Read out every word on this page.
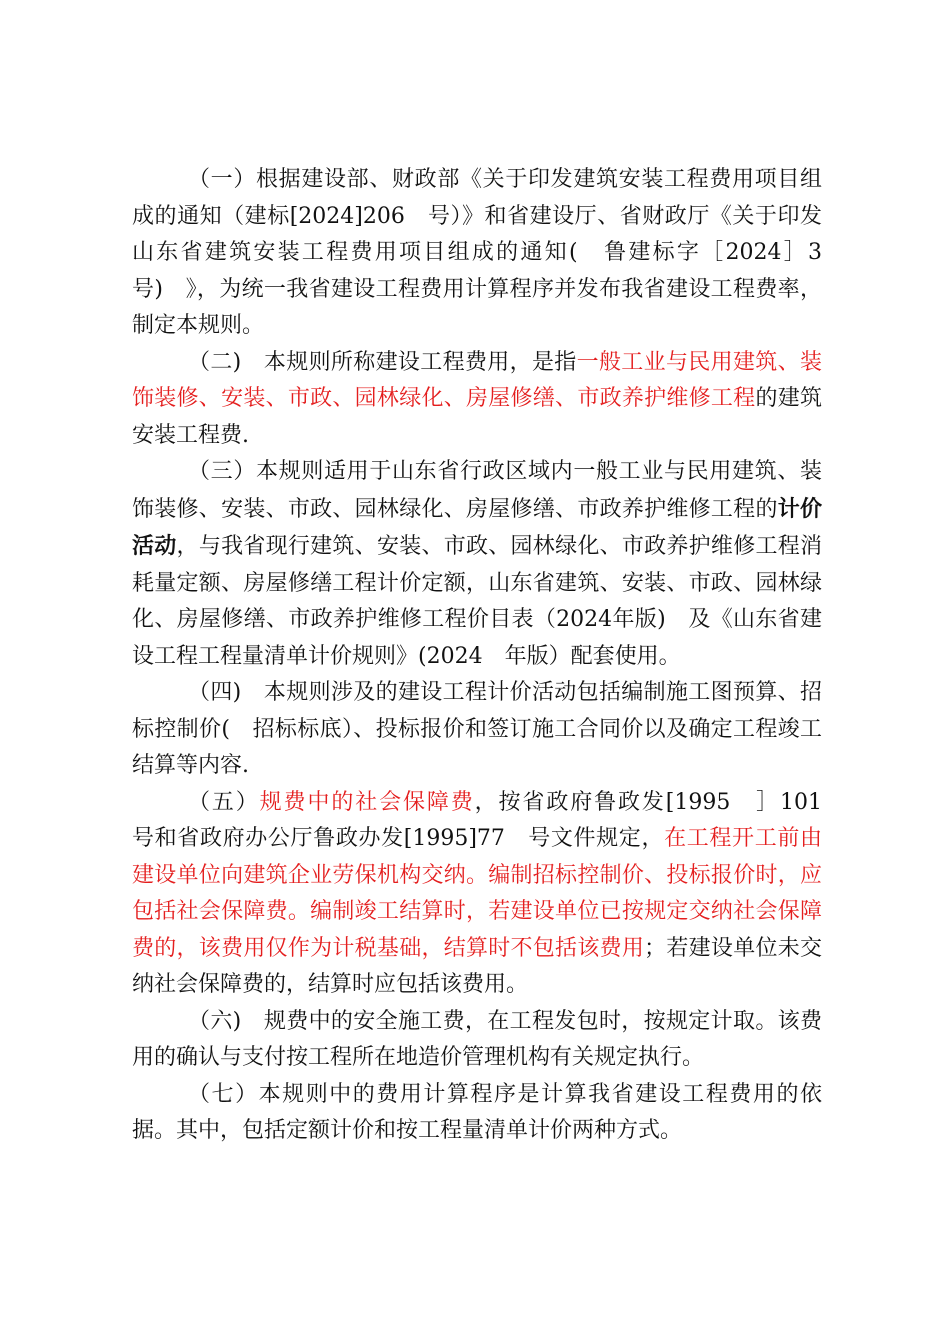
（一）根据建设部、财政部《关于印发建筑安装工程费用项目组成的通知（建标[2024]206　号）》和省建设厅、省财政厅《关于印发山东省建筑安装工程费用项目组成的通知(　鲁建标字［2024］3　号)　》，为统一我省建设工程费用计算程序并发布我省建设工程费率，制定本规则。

（二)　本规则所称建设工程费用，是指一般工业与民用建筑、装饰装修、安装、市政、园林绿化、房屋修缮、市政养护维修工程的建筑安装工程费.

（三）本规则适用于山东省行政区域内一般工业与民用建筑、装饰装修、安装、市政、园林绿化、房屋修缮、市政养护维修工程的计价活动，与我省现行建筑、安装、市政、园林绿化、市政养护维修工程消耗量定额、房屋修缮工程计价定额，山东省建筑、安装、市政、园林绿化、房屋修缮、市政养护维修工程价目表（2024年版)　及《山东省建设工程工程量清单计价规则》(2024　年版）配套使用。

（四)　本规则涉及的建设工程计价活动包括编制施工图预算、招标控制价(　招标标底）、投标报价和签订施工合同价以及确定工程竣工结算等内容.

（五）规费中的社会保障费，按省政府鲁政发[1995　］101　号和省政府办公厅鲁政办发[1995]77　号文件规定，在工程开工前由建设单位向建筑企业劳保机构交纳。编制招标控制价、投标报价时，应包括社会保障费。编制竣工结算时，若建设单位已按规定交纳社会保障费的，该费用仅作为计税基础，结算时不包括该费用；若建设单位未交纳社会保障费的，结算时应包括该费用。

（六)　规费中的安全施工费，在工程发包时，按规定计取。该费用的确认与支付按工程所在地造价管理机构有关规定执行。

（七）本规则中的费用计算程序是计算我省建设工程费用的依据。其中，包括定额计价和按工程量清单计价两种方式。
